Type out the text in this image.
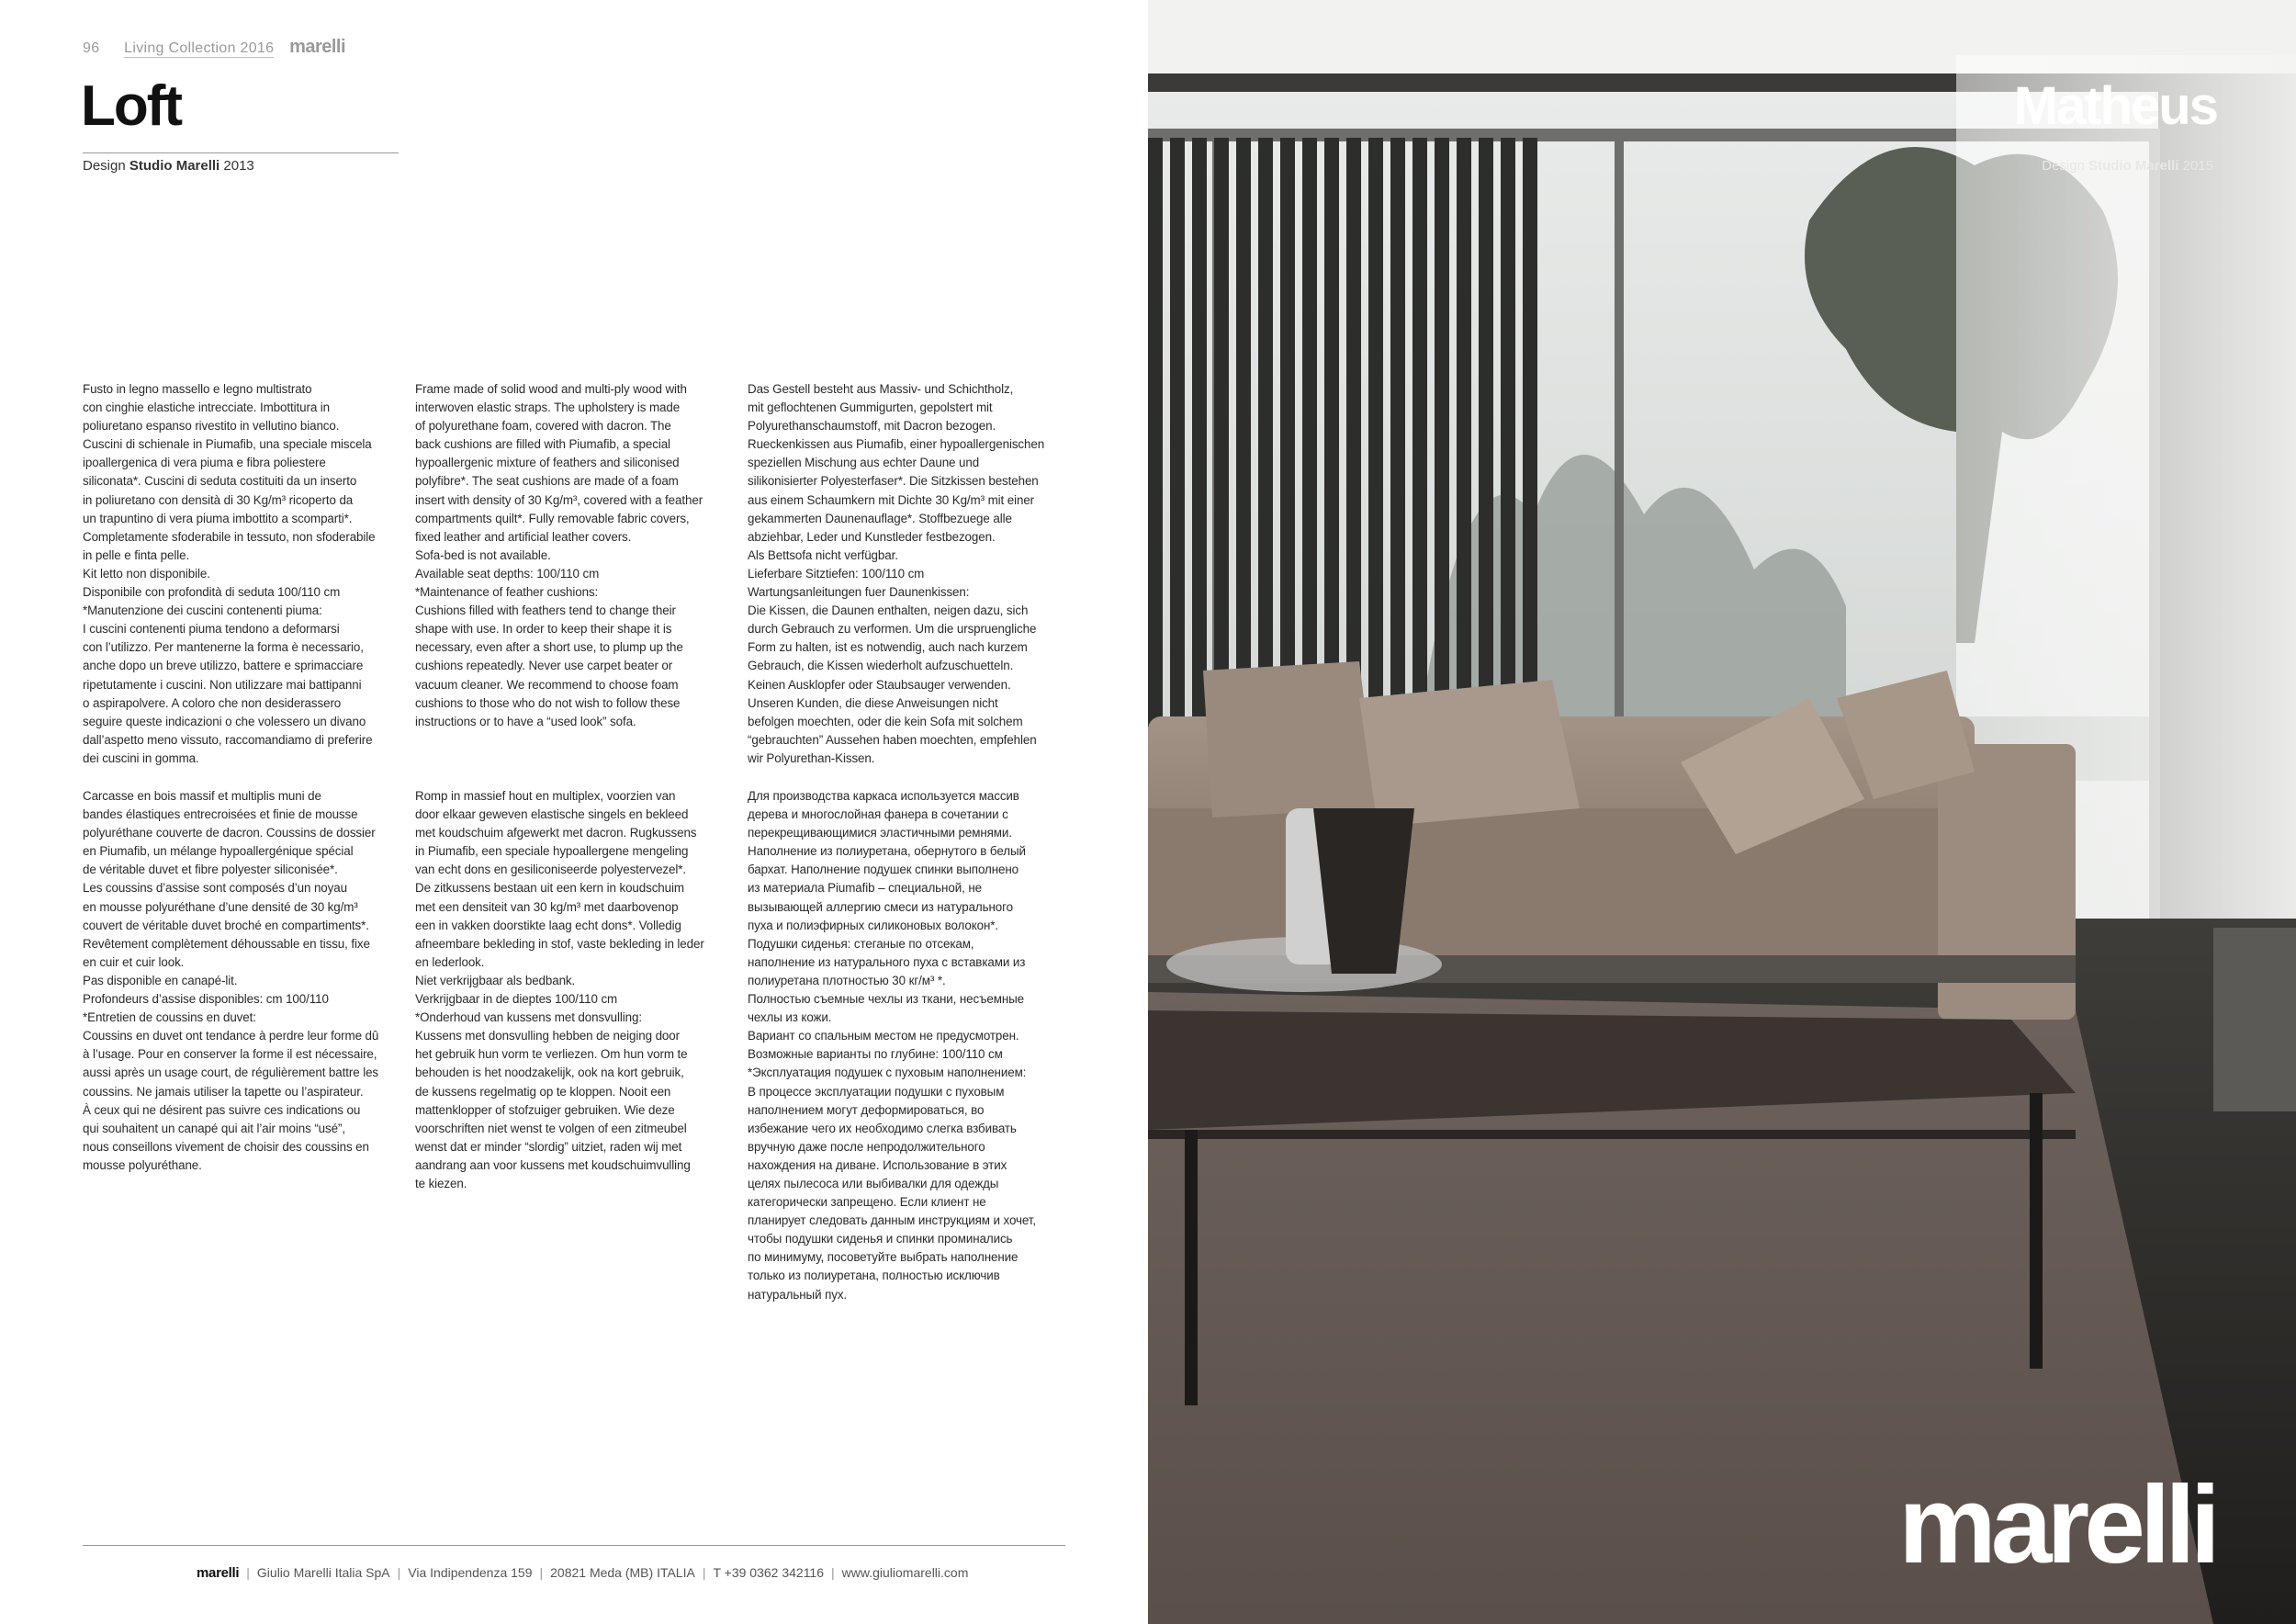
96 Living Collection 2016 marelli
Loft
Design Studio Marelli 2013

Fusto in legno massello e legno multistrato
con cinghie elastiche intrecciate. Imbottitura in
poliuretano espanso rivestito in vellutino bianco.
Cuscini di schienale in Piumafib, una speciale miscela
ipoallergenica di vera piuma e fibra poliestere
siliconata*. Cuscini di seduta costituiti da un inserto
in poliuretano con densità di 30 Kg/m³ ricoperto da
un trapuntino di vera piuma imbottito a scomparti*.
Completamente sfoderabile in tessuto, non sfoderabile
in pelle e finta pelle.
Kit letto non disponibile.
Disponibile con profondità di seduta 100/110 cm
*Manutenzione dei cuscini contenenti piuma:
I cuscini contenenti piuma tendono a deformarsi
con l’utilizzo. Per mantenerne la forma è necessario,
anche dopo un breve utilizzo, battere e sprimacciare
ripetutamente i cuscini. Non utilizzare mai battipanni
o aspirapolvere. A coloro che non desiderassero
seguire queste indicazioni o che volessero un divano
dall’aspetto meno vissuto, raccomandiamo di preferire
dei cuscini in gomma.

Frame made of solid wood and multi-ply wood with
interwoven elastic straps. The upholstery is made
of polyurethane foam, covered with dacron. The
back cushions are filled with Piumafib, a special
hypoallergenic mixture of feathers and siliconised
polyfibre*. The seat cushions are made of a foam
insert with density of 30 Kg/m³, covered with a feather
compartments quilt*. Fully removable fabric covers,
fixed leather and artificial leather covers.
Sofa-bed is not available.
Available seat depths: 100/110 cm
*Maintenance of feather cushions:
Cushions filled with feathers tend to change their
shape with use. In order to keep their shape it is
necessary, even after a short use, to plump up the
cushions repeatedly. Never use carpet beater or
vacuum cleaner. We recommend to choose foam
cushions to those who do not wish to follow these
instructions or to have a “used look” sofa.

Das Gestell besteht aus Massiv- und Schichtholz,
mit geflochtenen Gummigurten, gepolstert mit
Polyurethanschaumstoff, mit Dacron bezogen.
Rueckenkissen aus Piumafib, einer hypoallergenischen
speziellen Mischung aus echter Daune und
silikonisierter Polyesterfaser*. Die Sitzkissen bestehen
aus einem Schaumkern mit Dichte 30 Kg/m³ mit einer
gekammerten Daunenauflage*. Stoffbezuege alle
abziehbar, Leder und Kunstleder festbezogen.
Als Bettsofa nicht verfügbar.
Lieferbare Sitztiefen: 100/110 cm
Wartungsanleitungen fuer Daunenkissen:
Die Kissen, die Daunen enthalten, neigen dazu, sich
durch Gebrauch zu verformen. Um die urspruengliche
Form zu halten, ist es notwendig, auch nach kurzem
Gebrauch, die Kissen wiederholt aufzuschuetteln.
Keinen Ausklopfer oder Staubsauger verwenden.
Unseren Kunden, die diese Anweisungen nicht
befolgen moechten, oder die kein Sofa mit solchem
“gebrauchten” Aussehen haben moechten, empfehlen
wir Polyurethan-Kissen.

Carcasse en bois massif et multiplis muni de
bandes élastiques entrecroisées et finie de mousse
polyuréthane couverte de dacron. Coussins de dossier
en Piumafib, un mélange hypoallergénique spécial
de véritable duvet et fibre polyester siliconisée*.
Les coussins d’assise sont composés d’un noyau
en mousse polyuréthane d’une densité de 30 kg/m³
couvert de véritable duvet broché en compartiments*.
Revêtement complètement déhoussable en tissu, fixe
en cuir et cuir look.
Pas disponible en canapé-lit.
Profondeurs d’assise disponibles: cm 100/110
*Entretien de coussins en duvet:
Coussins en duvet ont tendance à perdre leur forme dû
à l’usage. Pour en conserver la forme il est nécessaire,
aussi après un usage court, de régulièrement battre les
coussins. Ne jamais utiliser la tapette ou l’aspirateur.
À ceux qui ne désirent pas suivre ces indications ou
qui souhaitent un canapé qui ait l’air moins “usé”,
nous conseillons vivement de choisir des coussins en
mousse polyuréthane.

Romp in massief hout en multiplex, voorzien van
door elkaar geweven elastische singels en bekleed
met koudschuim afgewerkt met dacron. Rugkussens
in Piumafib, een speciale hypoallergene mengeling
van echt dons en gesiliconiseerde polyestervezel*.
De zitkussens bestaan uit een kern in koudschuim
met een densiteit van 30 kg/m³ met daarbovenop
een in vakken doorstikte laag echt dons*. Volledig
afneembare bekleding in stof, vaste bekleding in leder
en lederlook.
Niet verkrijgbaar als bedbank.
Verkrijgbaar in de dieptes 100/110 cm
*Onderhoud van kussens met donsvulling:
Kussens met donsvulling hebben de neiging door
het gebruik hun vorm te verliezen. Om hun vorm te
behouden is het noodzakelijk, ook na kort gebruik,
de kussens regelmatig op te kloppen. Nooit een
mattenklopper of stofzuiger gebruiken. Wie deze
voorschriften niet wenst te volgen of een zitmeubel
wenst dat er minder “slordig” uitziet, raden wij met
aandrang aan voor kussens met koudschuimvulling
te kiezen.

Для производства каркаса используется массив
дерева и многослойная фанера в сочетании с
перекрещивающимися эластичными ремнями.
Наполнение из полиуретана, обернутого в белый
бархат. Наполнение подушек спинки выполнено
из материала Piumafib – специальной, не
вызывающей аллергию смеси из натурального
пуха и полиэфирных силиконовых волокон*.
Подушки сиденья: стеганые по отсекам,
наполнение из натурального пуха с вставками из
полиуретана плотностью 30 кг/м³ *.
Полностью съемные чехлы из ткани, несъемные
чехлы из кожи.
Вариант со спальным местом не предусмотрен.
Возможные варианты по глубине: 100/110 см
*Эксплуатация подушек с пуховым наполнением:
В процессе эксплуатации подушки с пуховым
наполнением могут деформироваться, во
избежание чего их необходимо слегка взбивать
вручную даже после непродолжительного
нахождения на диване. Использование в этих
целях пылесоса или выбивалки для одежды
категорически запрещено. Если клиент не
планирует следовать данным инструкциям и хочет,
чтобы подушки сиденья и спинки проминались
по минимуму, посоветуйте выбрать наполнение
только из полиуретана, полностью исключив
натуральный пух.

marelli | Giulio Marelli Italia SpA | Via Indipendenza 159 | 20821 Meda (MB) ITALIA | T +39 0362 342116 | www.giuliomarelli.com
Matheus
Design Studio Marelli 2015
marelli
